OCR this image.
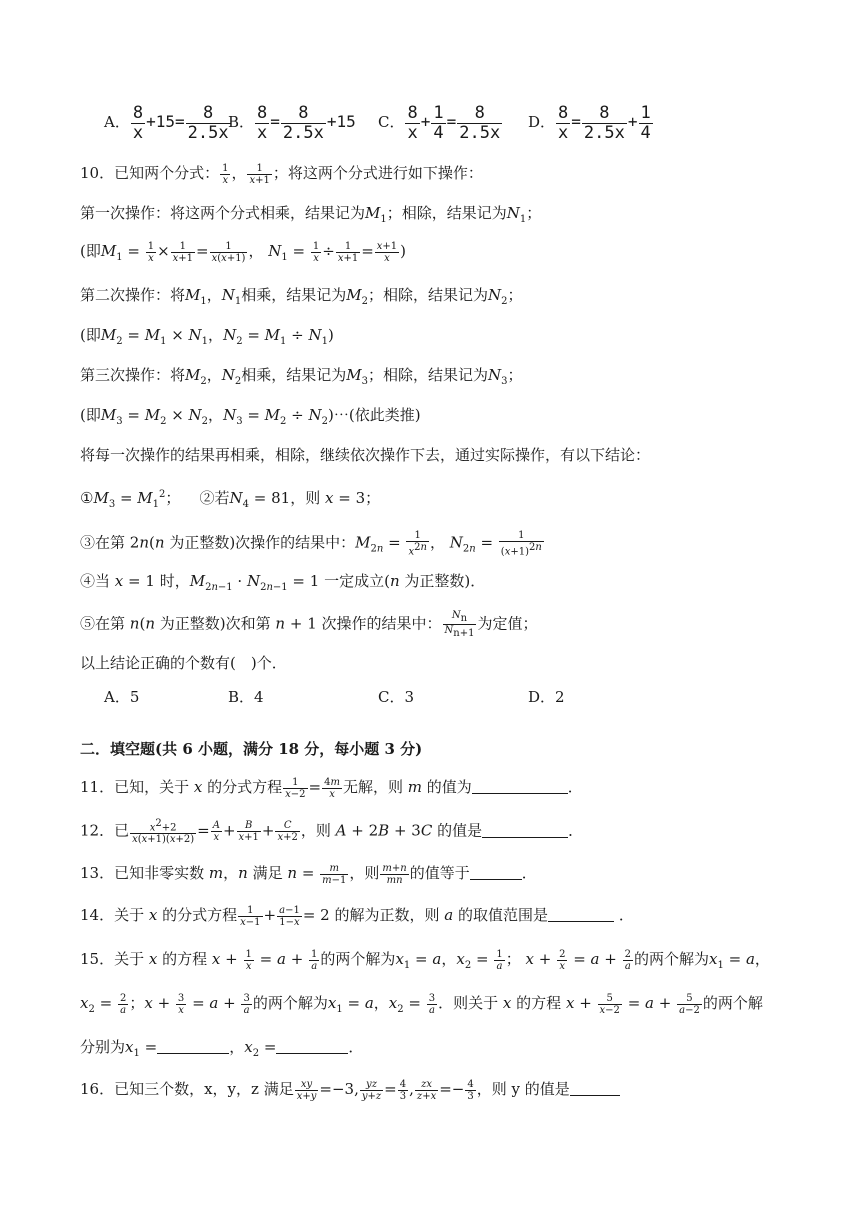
A． $\frac{8}{x} +15= \frac{8}{2.5x}$
B． $\frac{8}{x} = \frac{8}{2.5x} +15$ C． $\frac{8}{x} + \frac{1}{4} = \frac{8}{2.5x}$ D． $\frac{8}{x} = \frac{8}{2.5x} + \frac{1}{4}$
10．已知两个分式： $\frac{1}{x}$ ， $\frac{1}{x+1}$ ；将这两个分式进行如下操作：
第一次操作：将这两个分式相乘，结果记为$M_1$；相除，结果记为$N_1$；
(即$M_1 = \frac{1}{x} \times \frac{1}{x+1} = \frac{1}{x(x+1)}$ ， $N_1 = \frac{1}{x} \div \frac{1}{x+1} = \frac{x+1}{x}$ )
第二次操作：将$M_1$，$N_1$相乘，结果记为$M_2$；相除，结果记为$N_2$；
(即$M_2 = M_1 \times N_1$，$N_2 = M_1 \div N_1$)
第三次操作：将$M_2$，$N_2$相乘，结果记为$M_3$；相除，结果记为$N_3$；
(即$M_3 = M_2 \times N_2$，$N_3 = M_2$ ÷ $N_2)\cdots$(依此类推)
将每一次操作的结果再相乘，相除，继续依次操作下去，通过实际操作，有以下结论：
$①M_3 = M_1^2$；    ②若$N_4 = 81$，则 x = 3；
③在第 2n(n 为正整数)次操作的结果中：$M_{2n} = \frac{1}{x^{2n}}$ ， $N_{2n} = \frac{1}{(x+1)^{2n}}$
④当 x = 1 时，$M_{2n-1} \cdot N_{2n-1} = 1$ 一定成立(n 为正整数)．
⑤在第 n(n 为正整数)次和第 n + 1 次操作的结果中： $\frac{N_n}{N_{n+1}}$ 为定值；
以上结论正确的个数有(　)个．
A．5	B．4	C．3	D．2
二．填空题(共 6 小题，满分 18 分，每小题 3 分)
11．已知，关于 x 的分式方程 $\frac{1}{x-2} = \frac{4m}{x}$ 无解，则 m 的值为	．
12．已 $\frac{x^2+2}{x(x+1)(x+2)} = \frac{A}{x} + \frac{B}{x+1} + \frac{C}{x+2}$ ，则 A + 2B + 3C 的值是	．
13．已知非零实数 m，n 满足 $n = \frac{m}{m-1}$ ，则 $\frac{m+n}{mn}$ 的值等于	．
14．关于 x 的分式方程 $\frac{1}{x-1} + \frac{a-1}{1-x} = 2$ 的解为正数，则 a 的取值范围是	．
15．关于 x 的方程 $x + \frac{1}{x} = a + \frac{1}{a}$ 的两个解为$x_1 = a$，$x_2 = \frac{1}{a}$ ； $x + \frac{2}{x} = a + \frac{2}{a}$ 的两个解为$x_1 = a$，
$x_2 = \frac{2}{a}$ ；$x + \frac{3}{x} = a + \frac{3}{a}$ 的两个解为$x_1 = a$，$x_2 = \frac{3}{a}$ ．则关于 x 的方程 $x + \frac{5}{x-2} = a + \frac{5}{a-2}$ 的两个解
分别为$x_1$ =	，$x_2$ =	．
16．已知三个数，x，y，z 满足 $\frac{xy}{x+y} =-3$, $\frac{yz}{y+z} = \frac{4}{3}$ , $\frac{zx}{z+x} =- \frac{4}{3}$ ，则 y 的值是
